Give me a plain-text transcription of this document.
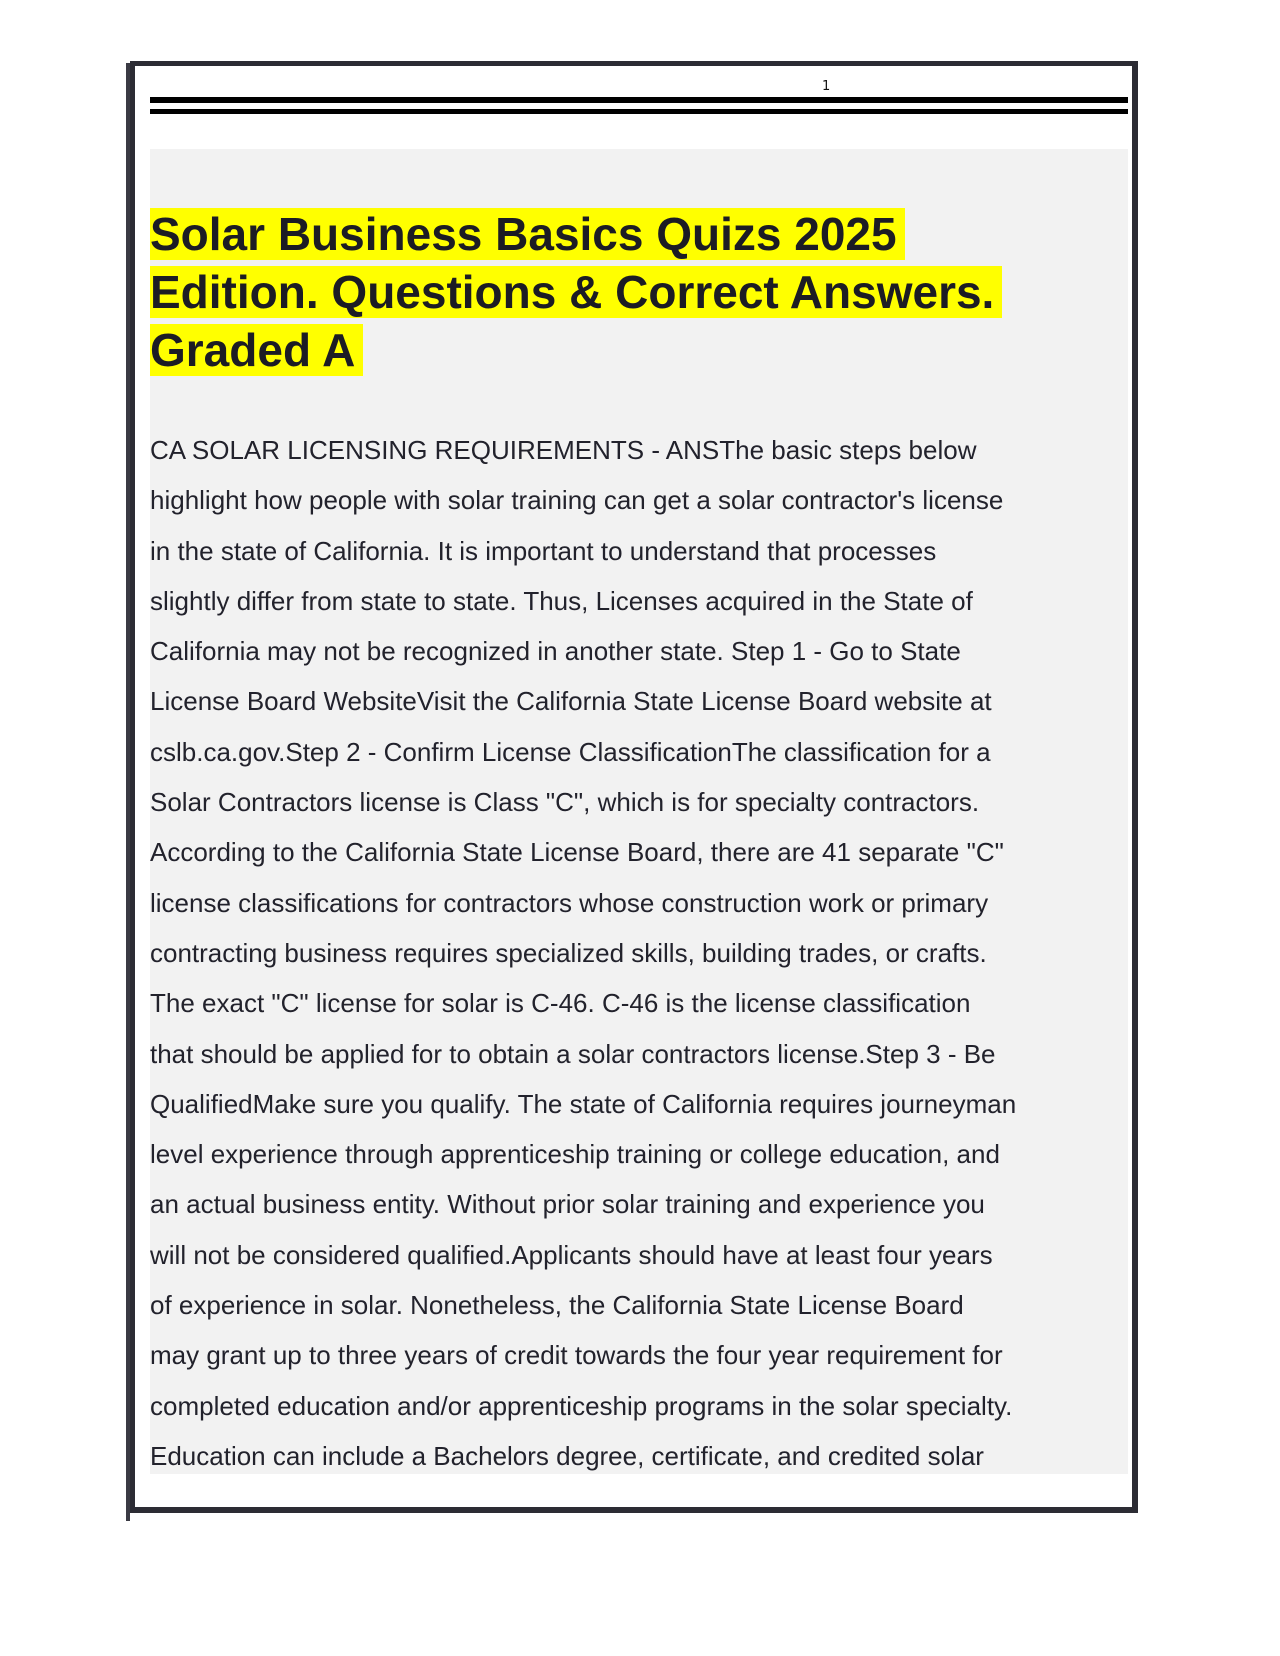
1
Solar Business Basics Quizs 2025
Edition. Questions & Correct Answers.
Graded A
CA SOLAR LICENSING REQUIREMENTS - ANSThe basic steps below
highlight how people with solar training can get a solar contractor's license
in the state of California. It is important to understand that processes
slightly differ from state to state. Thus, Licenses acquired in the State of
California may not be recognized in another state. Step 1 - Go to State
License Board WebsiteVisit the California State License Board website at
cslb.ca.gov.Step 2 - Confirm License ClassificationThe classification for a
Solar Contractors license is Class "C", which is for specialty contractors.
According to the California State License Board, there are 41 separate "C"
license classifications for contractors whose construction work or primary
contracting business requires specialized skills, building trades, or crafts.
The exact "C" license for solar is C-46. C-46 is the license classification
that should be applied for to obtain a solar contractors license.Step 3 - Be
QualifiedMake sure you qualify. The state of California requires journeyman
level experience through apprenticeship training or college education, and
an actual business entity. Without prior solar training and experience you
will not be considered qualified.Applicants should have at least four years
of experience in solar. Nonetheless, the California State License Board
may grant up to three years of credit towards the four year requirement for
completed education and/or apprenticeship programs in the solar specialty.
Education can include a Bachelors degree, certificate, and credited solar
